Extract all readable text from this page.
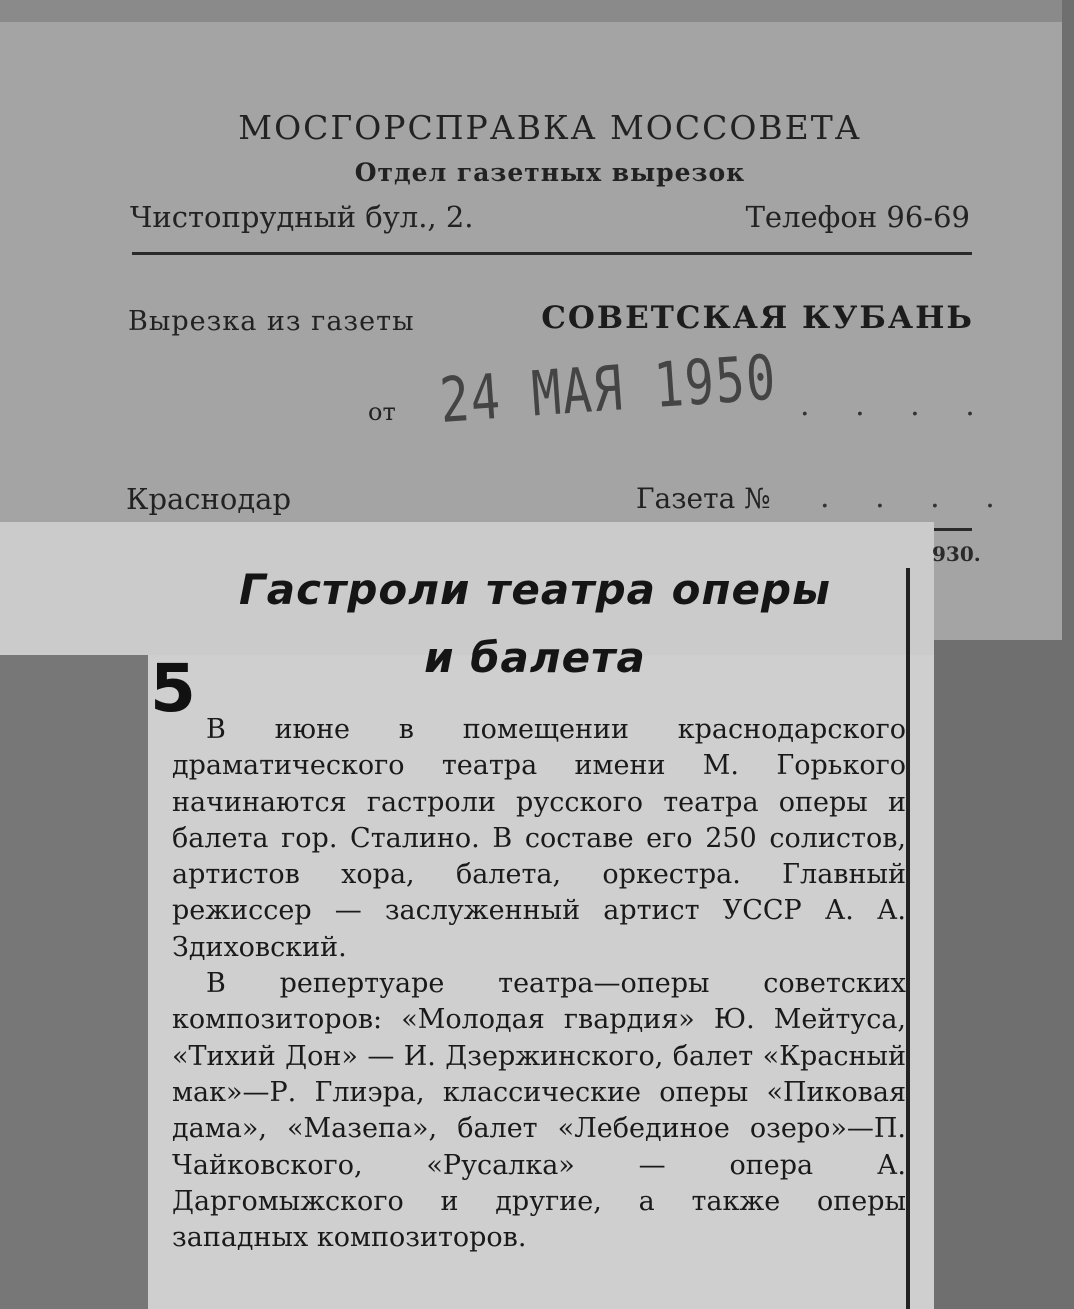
МОСГОРСПРАВКА МОССОВЕТА
Отдел газетных вырезок
Чистопрудный бул., 2.	Телефон 96-69
Вырезка из газеты	СОВЕТСКАЯ КУБАНЬ
от 24 МАЯ 1950 . . . .
Краснодар	Газета № . . . .
930.
Гастроли театра оперы
и балета
5

В июне в помещении краснодарского драматического театра имени М. Горького начинаются гастроли русского театра оперы и балета гор. Сталино. В составе его 250 солистов, артистов хора, балета, оркестра. Главный режиссер — заслуженный артист УССР А. А. Здиховский.

В репертуаре театра—оперы советских композиторов: «Молодая гвардия» Ю. Мейтуса, «Тихий Дон» — И. Дзержинского, балет «Красный мак»—Р. Глиэра, классические оперы «Пиковая дама», «Мазепа», балет «Лебединое озеро»—П. Чайковского, «Русалка» — опера А. Даргомыжского и другие, а также оперы западных композиторов.
